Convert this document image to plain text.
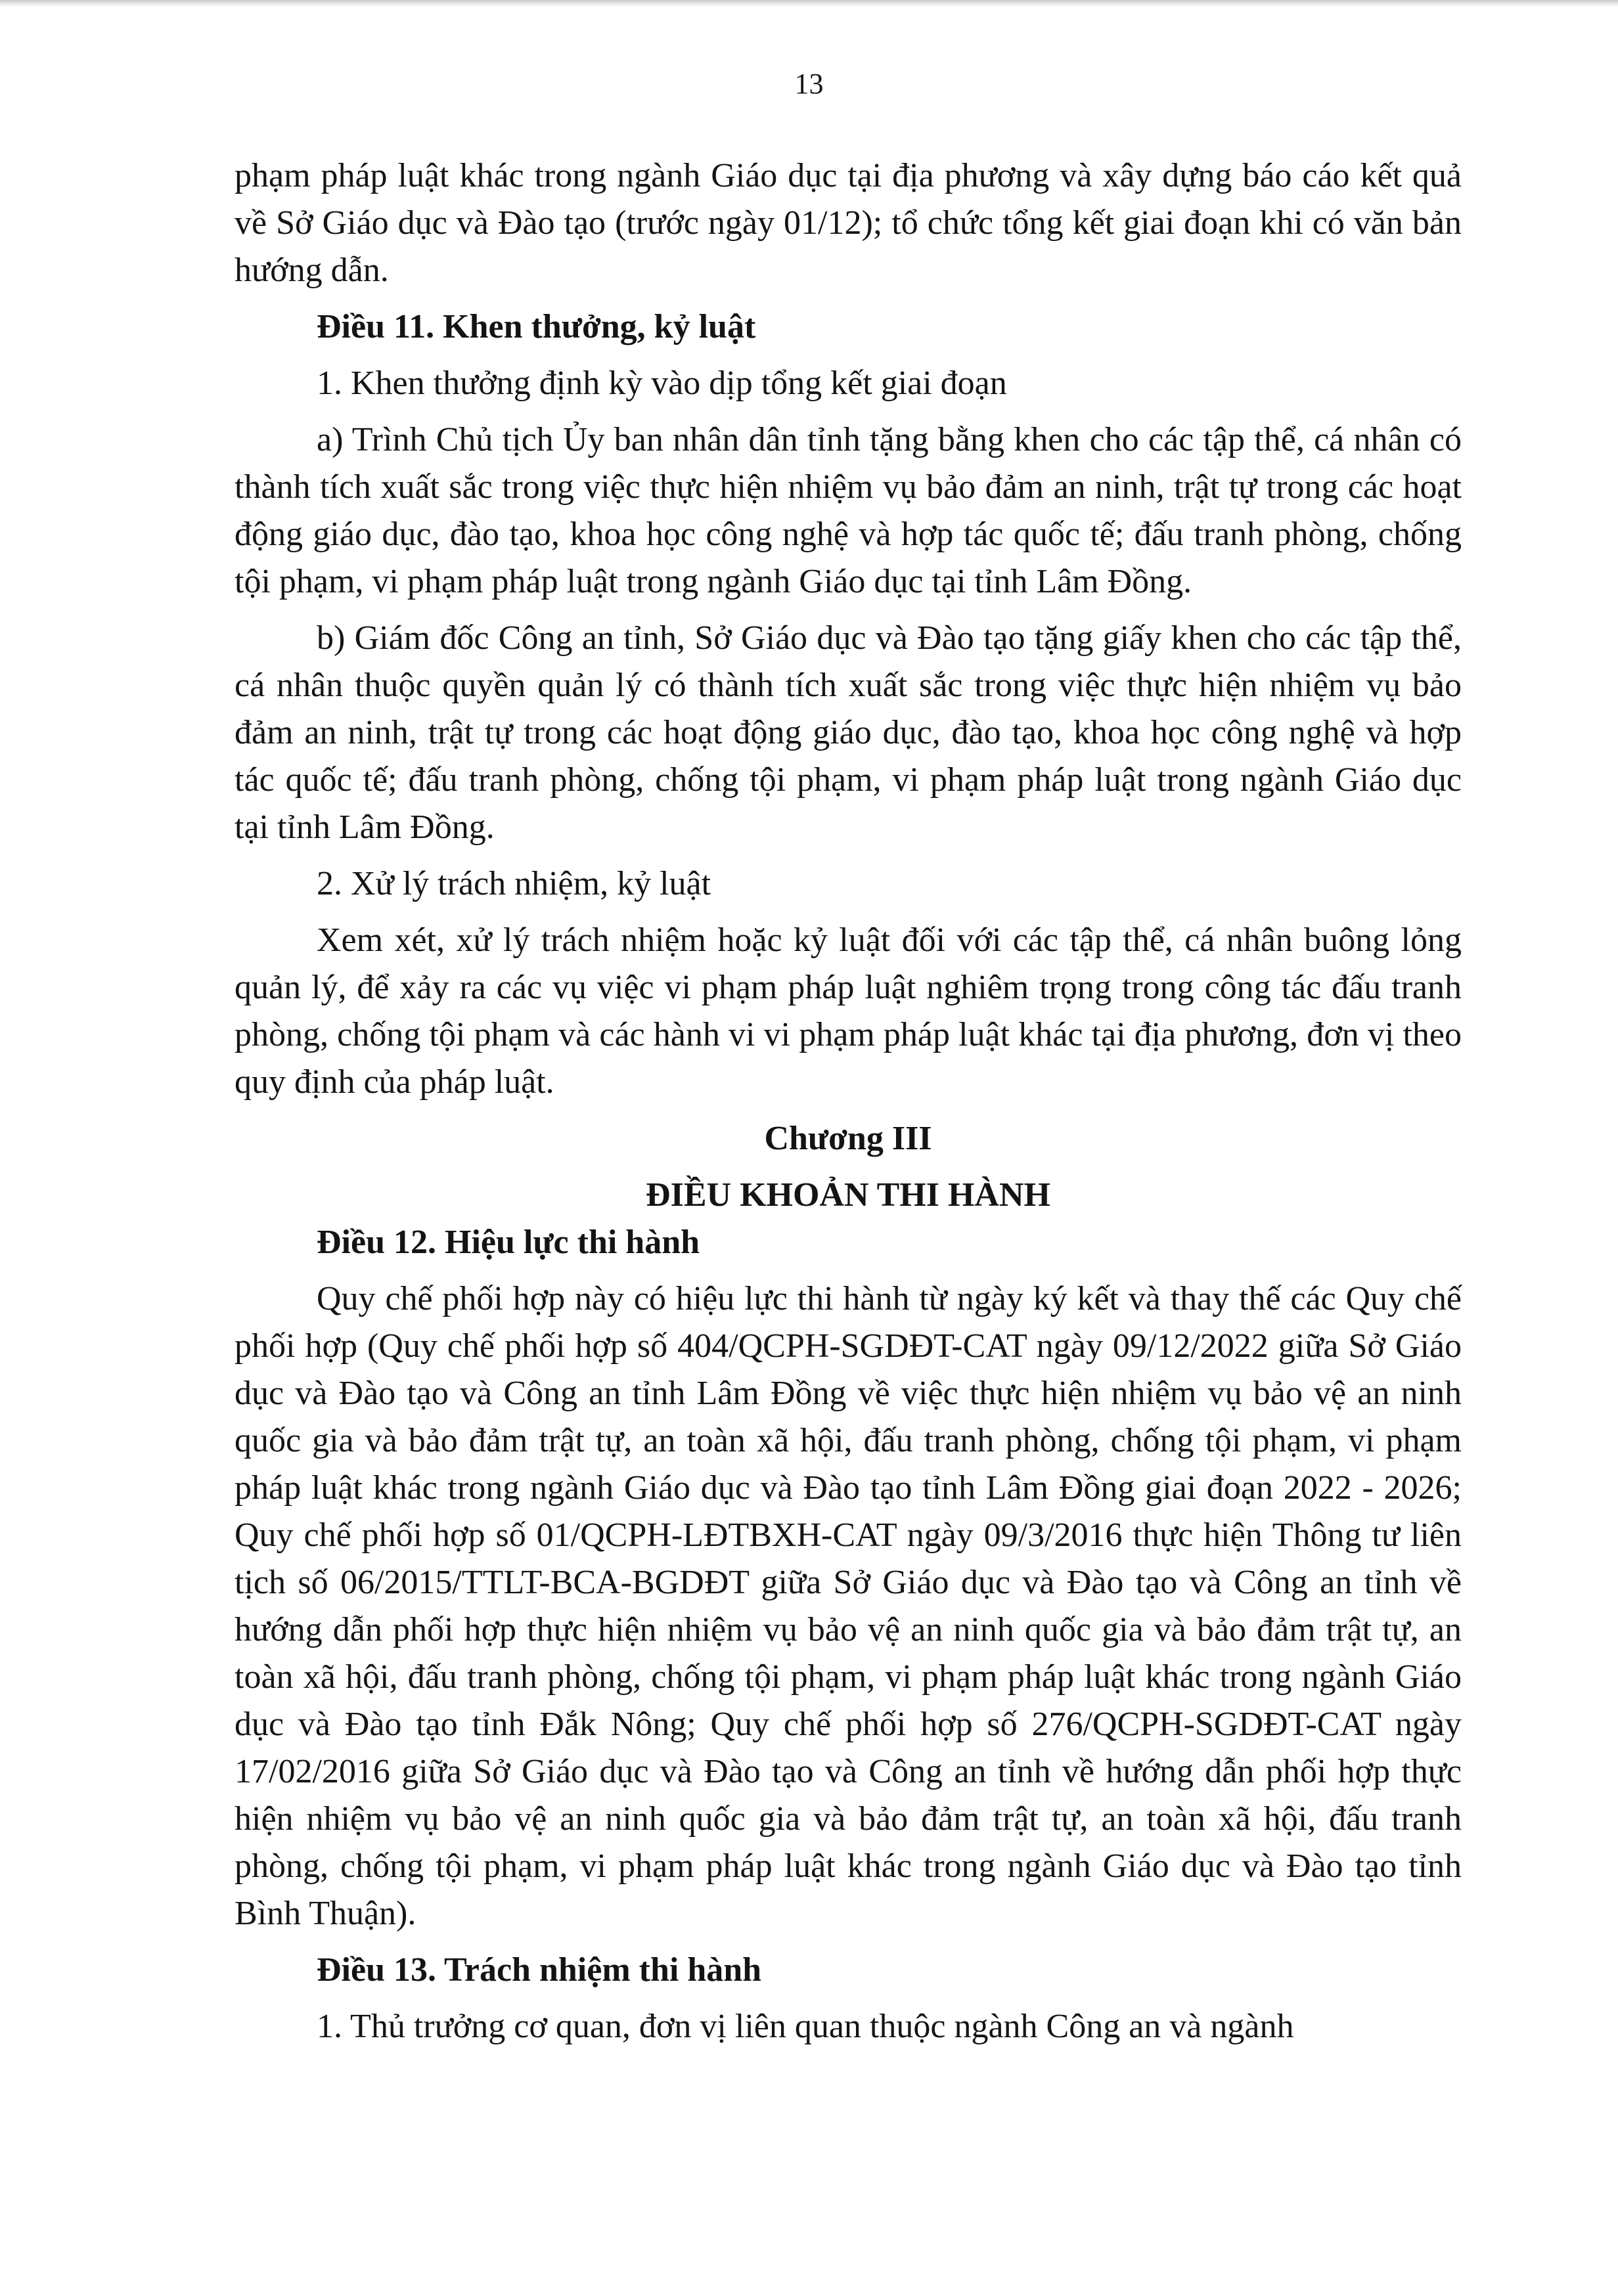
13

phạm pháp luật khác trong ngành Giáo dục tại địa phương và xây dựng báo cáo kết quả về Sở Giáo dục và Đào tạo (trước ngày 01/12); tổ chức tổng kết giai đoạn khi có văn bản hướng dẫn.

Điều 11. Khen thưởng, kỷ luật

1. Khen thưởng định kỳ vào dịp tổng kết giai đoạn

a) Trình Chủ tịch Ủy ban nhân dân tỉnh tặng bằng khen cho các tập thể, cá nhân có thành tích xuất sắc trong việc thực hiện nhiệm vụ bảo đảm an ninh, trật tự trong các hoạt động giáo dục, đào tạo, khoa học công nghệ và hợp tác quốc tế; đấu tranh phòng, chống tội phạm, vi phạm pháp luật trong ngành Giáo dục tại tỉnh Lâm Đồng.

b) Giám đốc Công an tỉnh, Sở Giáo dục và Đào tạo tặng giấy khen cho các tập thể, cá nhân thuộc quyền quản lý có thành tích xuất sắc trong việc thực hiện nhiệm vụ bảo đảm an ninh, trật tự trong các hoạt động giáo dục, đào tạo, khoa học công nghệ và hợp tác quốc tế; đấu tranh phòng, chống tội phạm, vi phạm pháp luật trong ngành Giáo dục tại tỉnh Lâm Đồng.

2. Xử lý trách nhiệm, kỷ luật

Xem xét, xử lý trách nhiệm hoặc kỷ luật đối với các tập thể, cá nhân buông lỏng quản lý, để xảy ra các vụ việc vi phạm pháp luật nghiêm trọng trong công tác đấu tranh phòng, chống tội phạm và các hành vi vi phạm pháp luật khác tại địa phương, đơn vị theo quy định của pháp luật.

Chương III

ĐIỀU KHOẢN THI HÀNH

Điều 12. Hiệu lực thi hành

Quy chế phối hợp này có hiệu lực thi hành từ ngày ký kết và thay thế các Quy chế phối hợp (Quy chế phối hợp số 404/QCPH-SGDĐT-CAT ngày 09/12/2022 giữa Sở Giáo dục và Đào tạo và Công an tỉnh Lâm Đồng về việc thực hiện nhiệm vụ bảo vệ an ninh quốc gia và bảo đảm trật tự, an toàn xã hội, đấu tranh phòng, chống tội phạm, vi phạm pháp luật khác trong ngành Giáo dục và Đào tạo tỉnh Lâm Đồng giai đoạn 2022 - 2026; Quy chế phối hợp số 01/QCPH-LĐTBXH-CAT ngày 09/3/2016 thực hiện Thông tư liên tịch số 06/2015/TTLT-BCA-BGDĐT giữa Sở Giáo dục và Đào tạo và Công an tỉnh về hướng dẫn phối hợp thực hiện nhiệm vụ bảo vệ an ninh quốc gia và bảo đảm trật tự, an toàn xã hội, đấu tranh phòng, chống tội phạm, vi phạm pháp luật khác trong ngành Giáo dục và Đào tạo tỉnh Đắk Nông; Quy chế phối hợp số 276/QCPH-SGDĐT-CAT ngày 17/02/2016 giữa Sở Giáo dục và Đào tạo và Công an tỉnh về hướng dẫn phối hợp thực hiện nhiệm vụ bảo vệ an ninh quốc gia và bảo đảm trật tự, an toàn xã hội, đấu tranh phòng, chống tội phạm, vi phạm pháp luật khác trong ngành Giáo dục và Đào tạo tỉnh Bình Thuận).

Điều 13. Trách nhiệm thi hành

1. Thủ trưởng cơ quan, đơn vị liên quan thuộc ngành Công an và ngành
